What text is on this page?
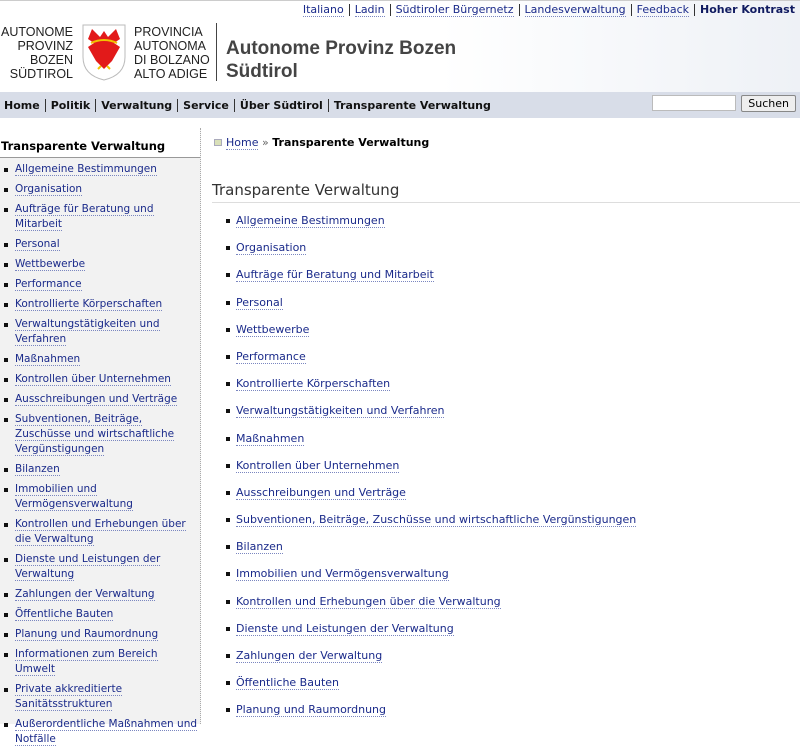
Italiano	Ladin	Südtiroler Bürgernetz	Landesverwaltung	Feedback	Hoher Kontrast
AUTONOME
PROVINZ
BOZEN
SÜDTIROL
PROVINCIA
AUTONOMA
DI BOLZANO
ALTO ADIGE
Autonome Provinz Bozen
Südtirol
Home	Politik	Verwaltung	Service	Über Südtirol	Transparente Verwaltung	Suchen
Transparente Verwaltung
Allgemeine Bestimmungen
Organisation
Aufträge für Beratung und Mitarbeit
Personal
Wettbewerbe
Performance
Kontrollierte Körperschaften
Verwaltungstätigkeiten und Verfahren
Maßnahmen
Kontrollen über Unternehmen
Ausschreibungen und Verträge
Subventionen, Beiträge, Zuschüsse und wirtschaftliche Vergünstigungen
Bilanzen
Immobilien und Vermögensverwaltung
Kontrollen und Erhebungen über die Verwaltung
Dienste und Leistungen der Verwaltung
Zahlungen der Verwaltung
Öffentliche Bauten
Planung und Raumordnung
Informationen zum Bereich Umwelt
Private akkreditierte Sanitätsstrukturen
Außerordentliche Maßnahmen und Notfälle
Home » Transparente Verwaltung
Transparente Verwaltung
Allgemeine Bestimmungen
Organisation
Aufträge für Beratung und Mitarbeit
Personal
Wettbewerbe
Performance
Kontrollierte Körperschaften
Verwaltungstätigkeiten und Verfahren
Maßnahmen
Kontrollen über Unternehmen
Ausschreibungen und Verträge
Subventionen, Beiträge, Zuschüsse und wirtschaftliche Vergünstigungen
Bilanzen
Immobilien und Vermögensverwaltung
Kontrollen und Erhebungen über die Verwaltung
Dienste und Leistungen der Verwaltung
Zahlungen der Verwaltung
Öffentliche Bauten
Planung und Raumordnung
